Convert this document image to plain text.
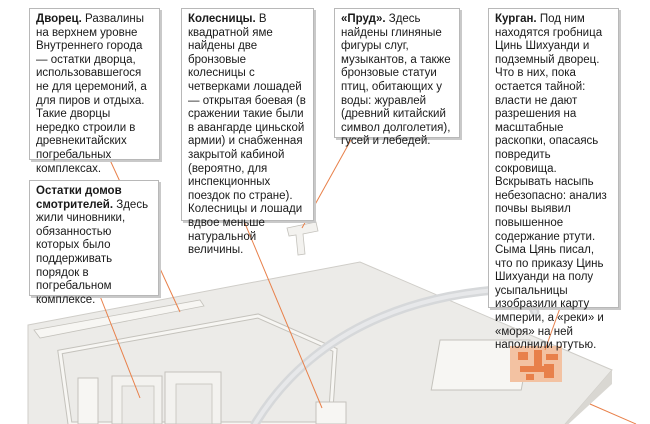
Дворец. Развалины на верхнем уровне Внутреннего города — остатки дворца, использовавшегося не для церемоний, а для пиров и отдыха. Такие дворцы нередко строили в древнекитайских погребальных комплексах.
Колесницы. В квадратной яме найдены две бронзовые колесницы с четверками лошадей — открытая боевая (в сражении такие были в авангарде циньской армии) и снабженная закрытой кабиной (вероятно, для инспекционных поездок по стране). Колесницы и лошади вдвое меньше натуральной величины.
«Пруд». Здесь найдены глиняные фигуры слуг, музыкантов, а также бронзовые статуи птиц, обитающих у воды: журавлей (древний китайский символ долголетия), гусей и лебедей.
Курган. Под ним находятся гробница Цинь Шихуанди и подземный дворец. Что в них, пока остается тайной: власти не дают разрешения на масштабные раскопки, опасаясь повредить сокровища. Вскрывать насыпь небезопасно: анализ почвы выявил повышенное содержание ртути. Сыма Цянь писал, что по приказу Цинь Шихуанди на полу усыпальницы изобразили карту империи, а «реки» и «моря» на ней наполнили ртутью.
Остатки домов смотрителей. Здесь жили чиновники, обязанностью которых было поддерживать порядок в погребальном комплексе.
